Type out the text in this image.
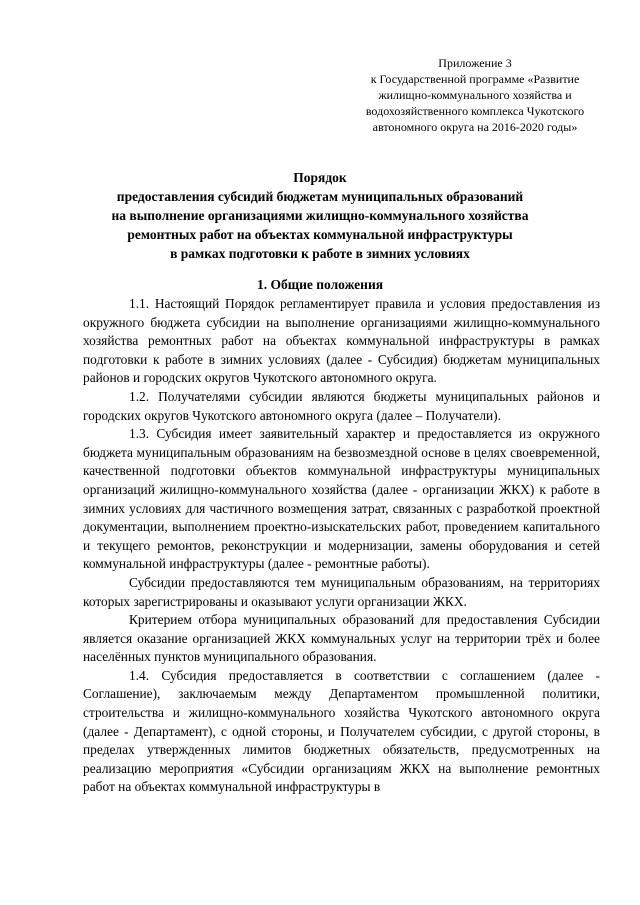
Приложение 3
к Государственной программе «Развитие
жилищно-коммунального хозяйства и
водохозяйственного комплекса Чукотского
автономного округа на 2016-2020 годы»
Порядок
предоставления субсидий бюджетам муниципальных образований
на выполнение организациями жилищно-коммунального хозяйства
ремонтных работ на объектах коммунальной инфраструктуры
в рамках подготовки к работе в зимних условиях
1. Общие положения

1.1. Настоящий Порядок регламентирует правила и условия предоставления из окружного бюджета субсидии на выполнение организациями жилищно-коммунального хозяйства ремонтных работ на объектах коммунальной инфраструктуры в рамках подготовки к работе в зимних условиях (далее - Субсидия) бюджетам муниципальных районов и городских округов Чукотского автономного округа.

1.2. Получателями субсидии являются бюджеты муниципальных районов и городских округов Чукотского автономного округа (далее – Получатели).

1.3. Субсидия имеет заявительный характер и предоставляется из окружного бюджета муниципальным образованиям на безвозмездной основе в целях своевременной, качественной подготовки объектов коммунальной инфраструктуры муниципальных организаций жилищно-коммунального хозяйства (далее - организации ЖКХ) к работе в зимних условиях для частичного возмещения затрат, связанных с разработкой проектной документации, выполнением проектно-изыскательских работ, проведением капитального и текущего ремонтов, реконструкции и модернизации, замены оборудования и сетей коммунальной инфраструктуры (далее - ремонтные работы).

Субсидии предоставляются тем муниципальным образованиям, на территориях которых зарегистрированы и оказывают услуги организации ЖКХ.

Критерием отбора муниципальных образований для предоставления Субсидии является оказание организацией ЖКХ коммунальных услуг на территории трёх и более населённых пунктов муниципального образования.

1.4. Субсидия предоставляется в соответствии с соглашением (далее - Соглашение), заключаемым между Департаментом промышленной политики, строительства и жилищно-коммунального хозяйства Чукотского автономного округа (далее - Департамент), с одной стороны, и Получателем субсидии, с другой стороны, в пределах утвержденных лимитов бюджетных обязательств, предусмотренных на реализацию мероприятия «Субсидии организациям ЖКХ на выполнение ремонтных работ на объектах коммунальной инфраструктуры в
